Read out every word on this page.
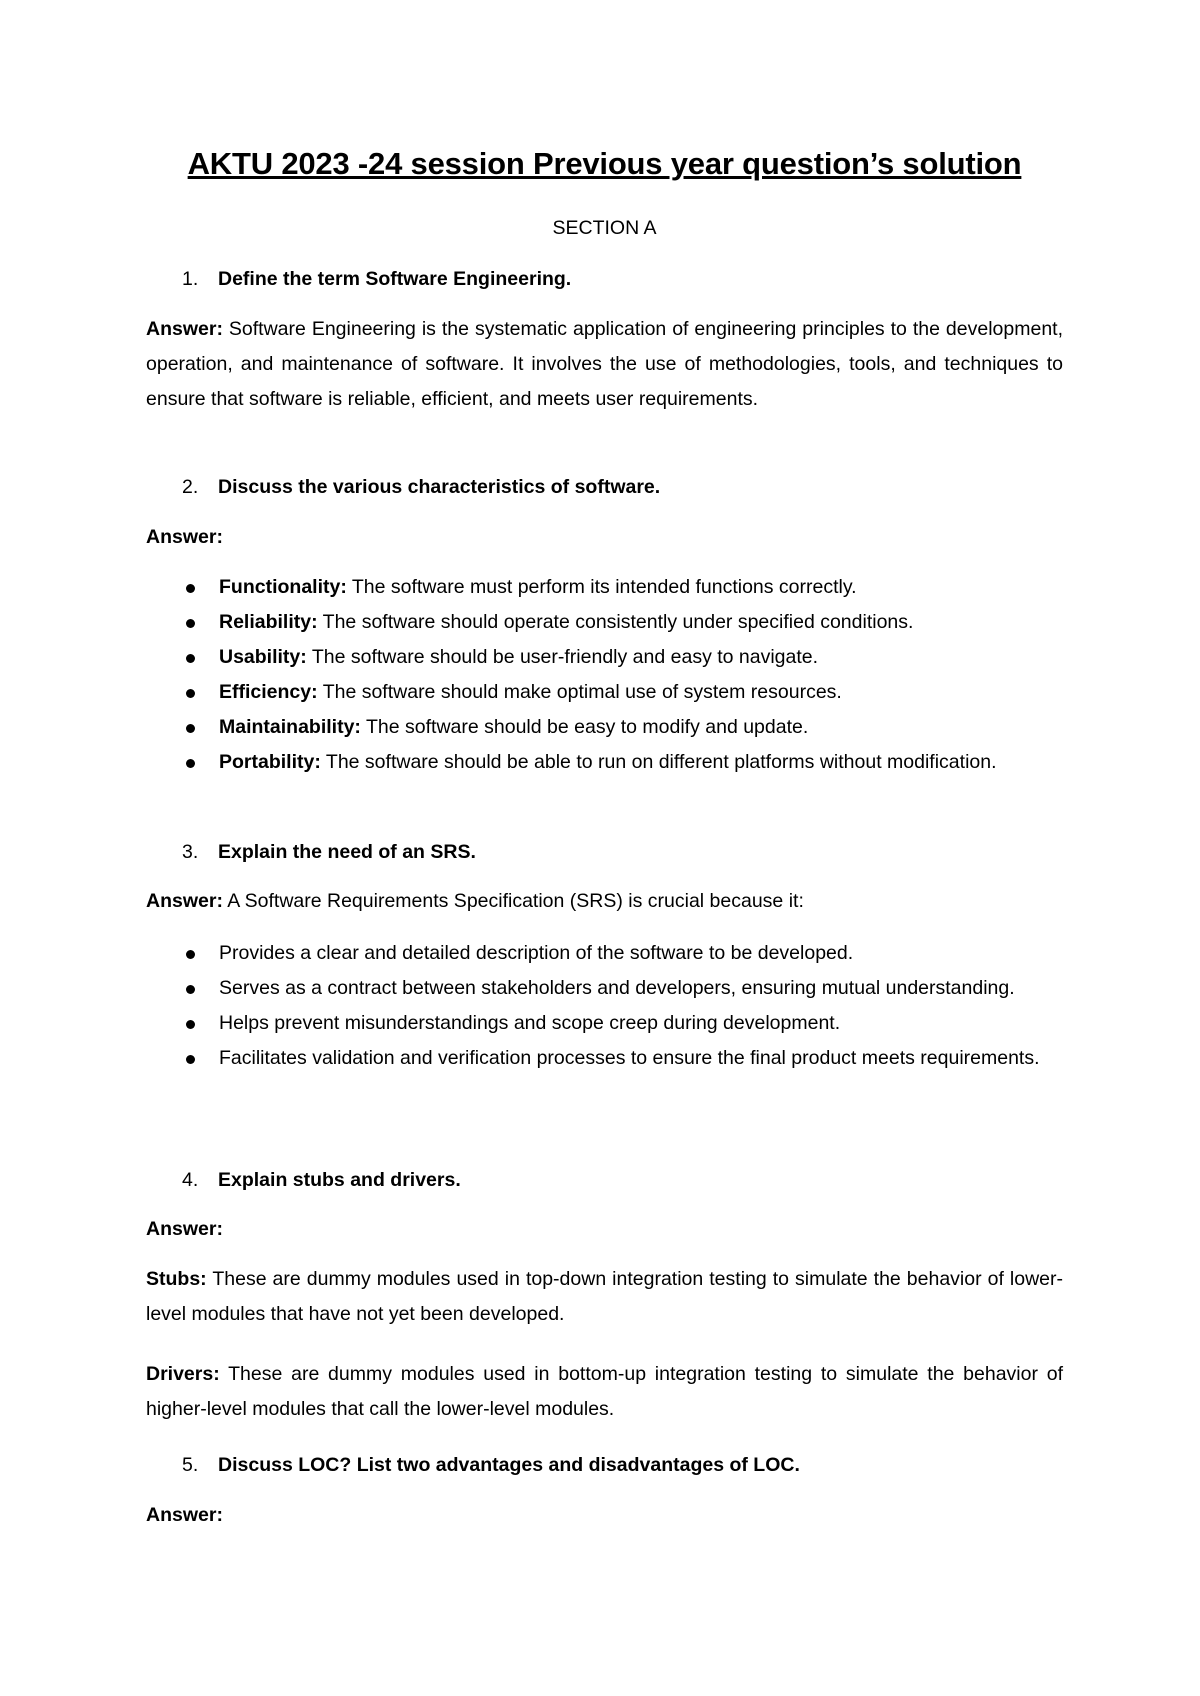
AKTU 2023 -24 session Previous year question’s solution

SECTION A

1.	Define the term Software Engineering.

Answer: Software Engineering is the systematic application of engineering principles to the development, operation, and maintenance of software. It involves the use of methodologies, tools, and techniques to ensure that software is reliable, efficient, and meets user requirements.

2.	Discuss the various characteristics of software.

Answer:

Functionality: The software must perform its intended functions correctly.
Reliability: The software should operate consistently under specified conditions.
Usability: The software should be user-friendly and easy to navigate.
Efficiency: The software should make optimal use of system resources.
Maintainability: The software should be easy to modify and update.
Portability: The software should be able to run on different platforms without modification.
3.	Explain the need of an SRS.

Answer: A Software Requirements Specification (SRS) is crucial because it:

Provides a clear and detailed description of the software to be developed.
Serves as a contract between stakeholders and developers, ensuring mutual understanding.
Helps prevent misunderstandings and scope creep during development.
Facilitates validation and verification processes to ensure the final product meets requirements.
4.	Explain stubs and drivers.

Answer:

Stubs: These are dummy modules used in top-down integration testing to simulate the behavior of lower-level modules that have not yet been developed.

Drivers: These are dummy modules used in bottom-up integration testing to simulate the behavior of higher-level modules that call the lower-level modules.

5.	Discuss LOC? List two advantages and disadvantages of LOC.

Answer:
